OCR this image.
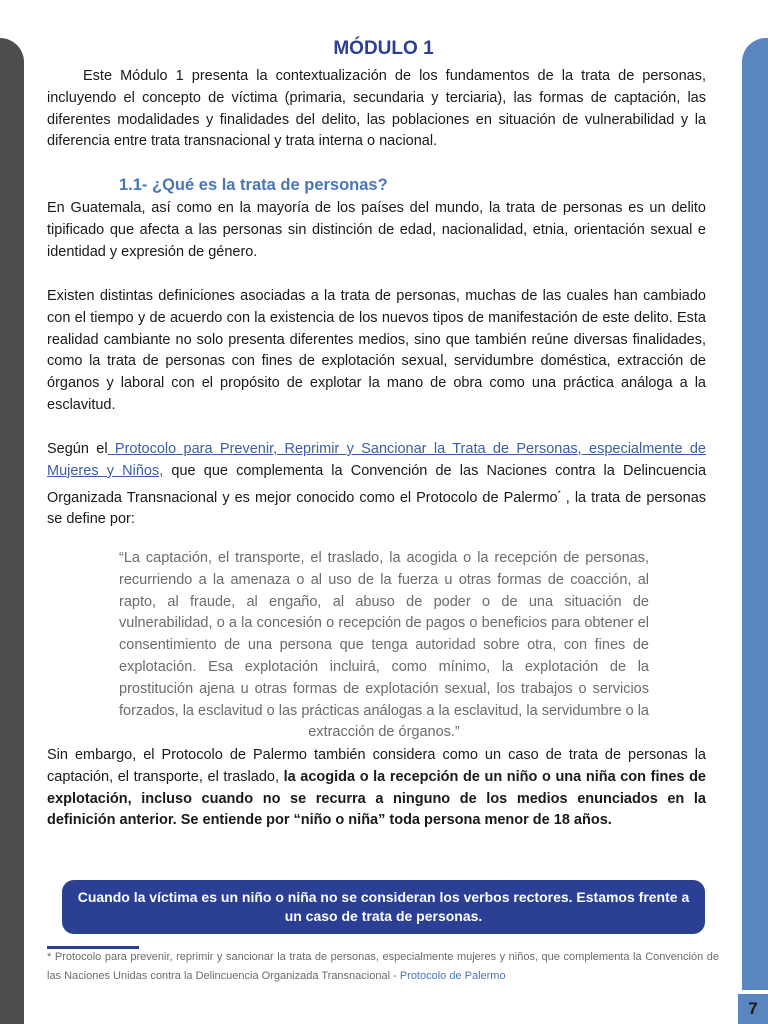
7
MÓDULO 1

Este Módulo 1 presenta la contextualización de los fundamentos de la trata de personas, incluyendo el concepto de víctima (primaria, secundaria y terciaria), las formas de captación, las diferentes modalidades y finalidades del delito, las poblaciones en situación de vulnerabilidad y la diferencia entre trata transnacional y trata interna o nacional.

1.1- ¿Qué es la trata de personas?

En Guatemala, así como en la mayoría de los países del mundo, la trata de personas es un delito tipificado que afecta a las personas sin distinción de edad, nacionalidad, etnia, orientación sexual e identidad y expresión de género.

Existen distintas definiciones asociadas a la trata de personas, muchas de las cuales han cambiado con el tiempo y de acuerdo con la existencia de los nuevos tipos de manifestación de este delito. Esta realidad cambiante no solo presenta diferentes medios, sino que también reúne diversas finalidades, como la trata de personas con fines de explotación sexual, servidumbre doméstica, extracción de órganos y laboral con el propósito de explotar la mano de obra como una práctica análoga a la esclavitud.

Según el Protocolo para Prevenir, Reprimir y Sancionar la Trata de Personas, especialmente de Mujeres y Niños, que que complementa la Convención de las Naciones contra la Delincuencia Organizada Transnacional y es mejor conocido como el Protocolo de Palermo* , la trata de personas se define por:

“La captación, el transporte, el traslado, la acogida o la recepción de personas, recurriendo a la amenaza o al uso de la fuerza u otras formas de coacción, al rapto, al fraude, al engaño, al abuso de poder o de una situación de vulnerabilidad, o a la concesión o recepción de pagos o beneficios para obtener el consentimiento de una persona que tenga autoridad sobre otra, con fines de explotación. Esa explotación incluirá, como mínimo, la explotación de la prostitución ajena u otras formas de explotación sexual, los trabajos o servicios forzados, la esclavitud o las prácticas análogas a la esclavitud, la servidumbre o la extracción de órganos.”

Sin embargo, el Protocolo de Palermo también considera como un caso de trata de personas la captación, el transporte, el traslado, la acogida o la recepción de un niño o una niña con fines de explotación, incluso cuando no se recurra a ninguno de los medios enunciados en la definición anterior. Se entiende por “niño o niña” toda persona menor de 18 años.

Cuando la víctima es un niño o niña no se consideran los verbos rectores. Estamos frente a un caso de trata de personas.

* Protocolo para prevenir, reprimir y sancionar la trata de personas, especialmente mujeres y niños, que complementa la Convención de las Naciones Unidas contra la Delincuencia Organizada Transnacional - Protocolo de Palermo
